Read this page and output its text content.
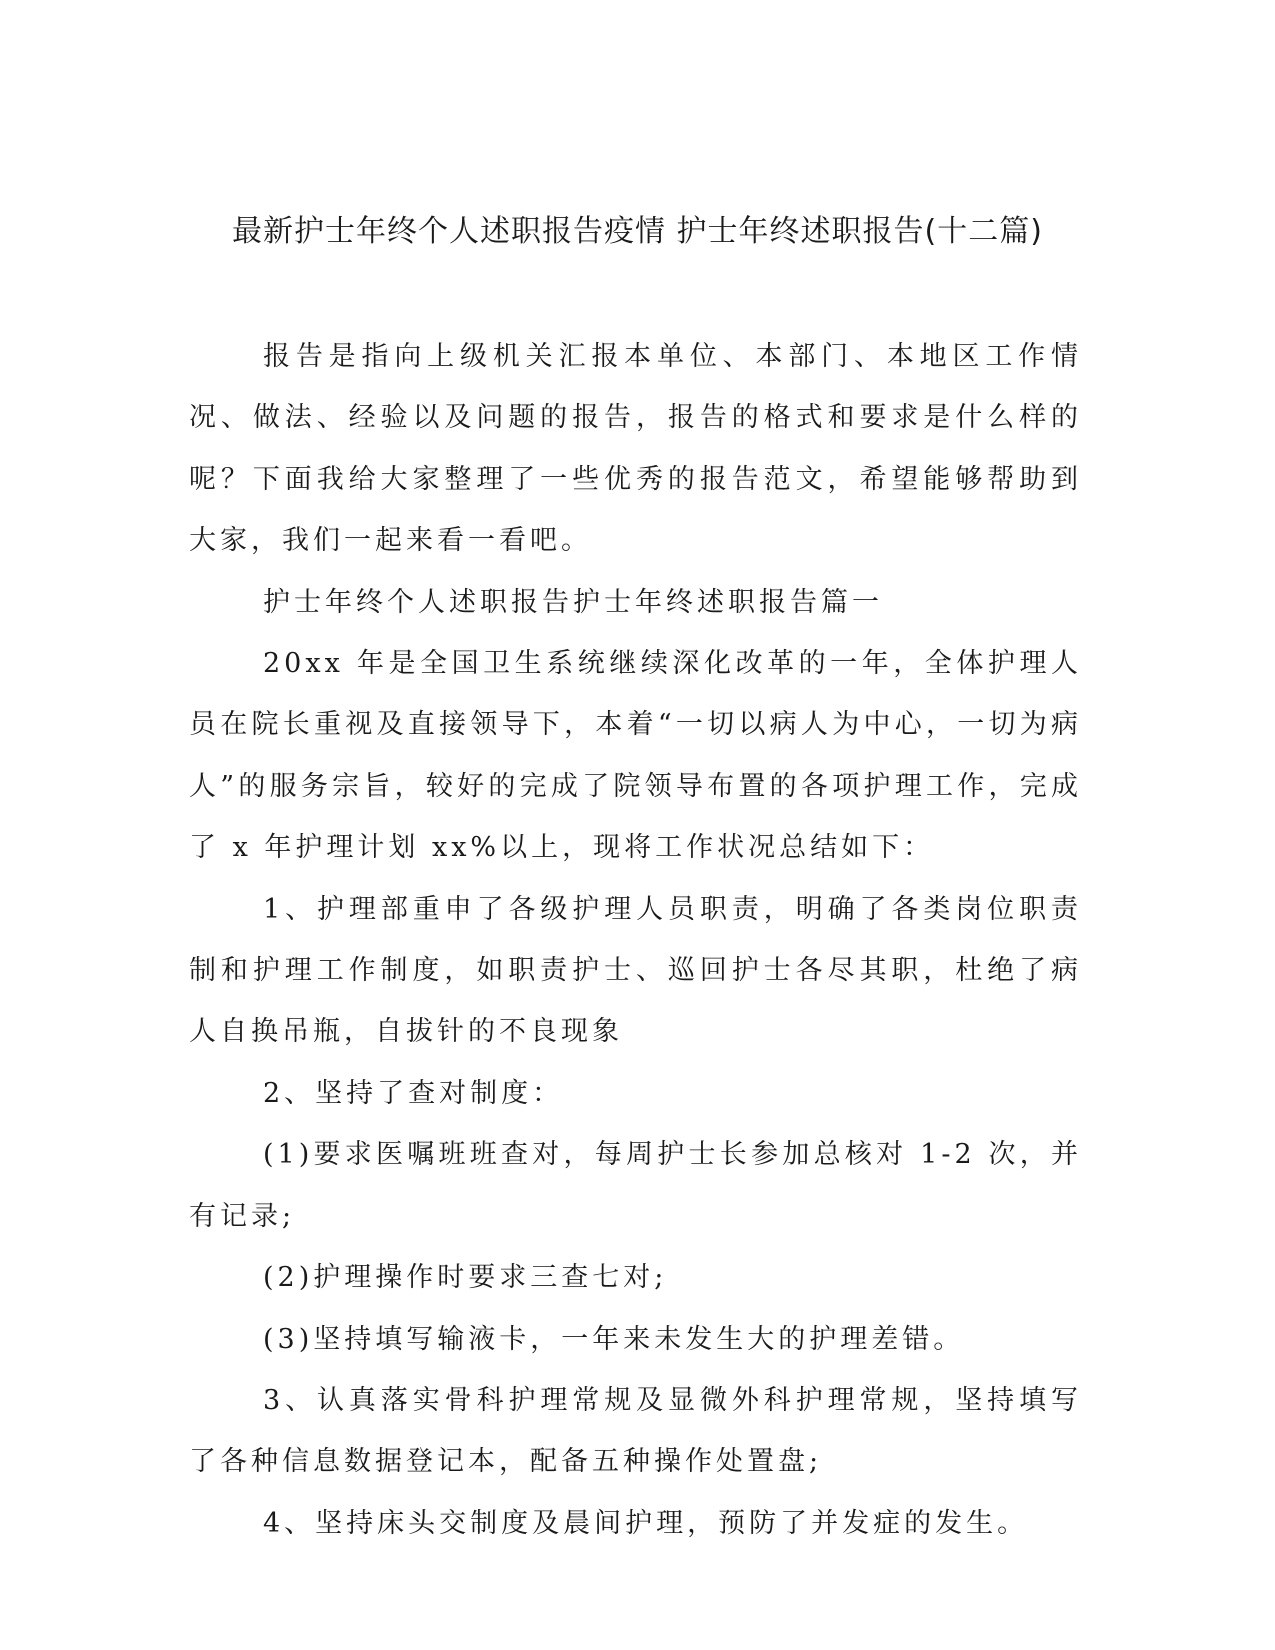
最新护士年终个人述职报告疫情 护士年终述职报告(十二篇)

报告是指向上级机关汇报本单位、本部门、本地区工作情况、做法、经验以及问题的报告，报告的格式和要求是什么样的呢？下面我给大家整理了一些优秀的报告范文，希望能够帮助到大家，我们一起来看一看吧。

护士年终个人述职报告护士年终述职报告篇一

20xx 年是全国卫生系统继续深化改革的一年，全体护理人员在院长重视及直接领导下，本着“一切以病人为中心，一切为病人”的服务宗旨，较好的完成了院领导布置的各项护理工作，完成了 x 年护理计划 xx%以上，现将工作状况总结如下：

1、护理部重申了各级护理人员职责，明确了各类岗位职责制和护理工作制度，如职责护士、巡回护士各尽其职，杜绝了病人自换吊瓶，自拔针的不良现象

2、坚持了查对制度：

(1)要求医嘱班班查对，每周护士长参加总核对 1-2 次，并有记录;

(2)护理操作时要求三查七对;

(3)坚持填写输液卡，一年来未发生大的护理差错。

3、认真落实骨科护理常规及显微外科护理常规，坚持填写了各种信息数据登记本，配备五种操作处置盘;

4、坚持床头交制度及晨间护理，预防了并发症的发生。
